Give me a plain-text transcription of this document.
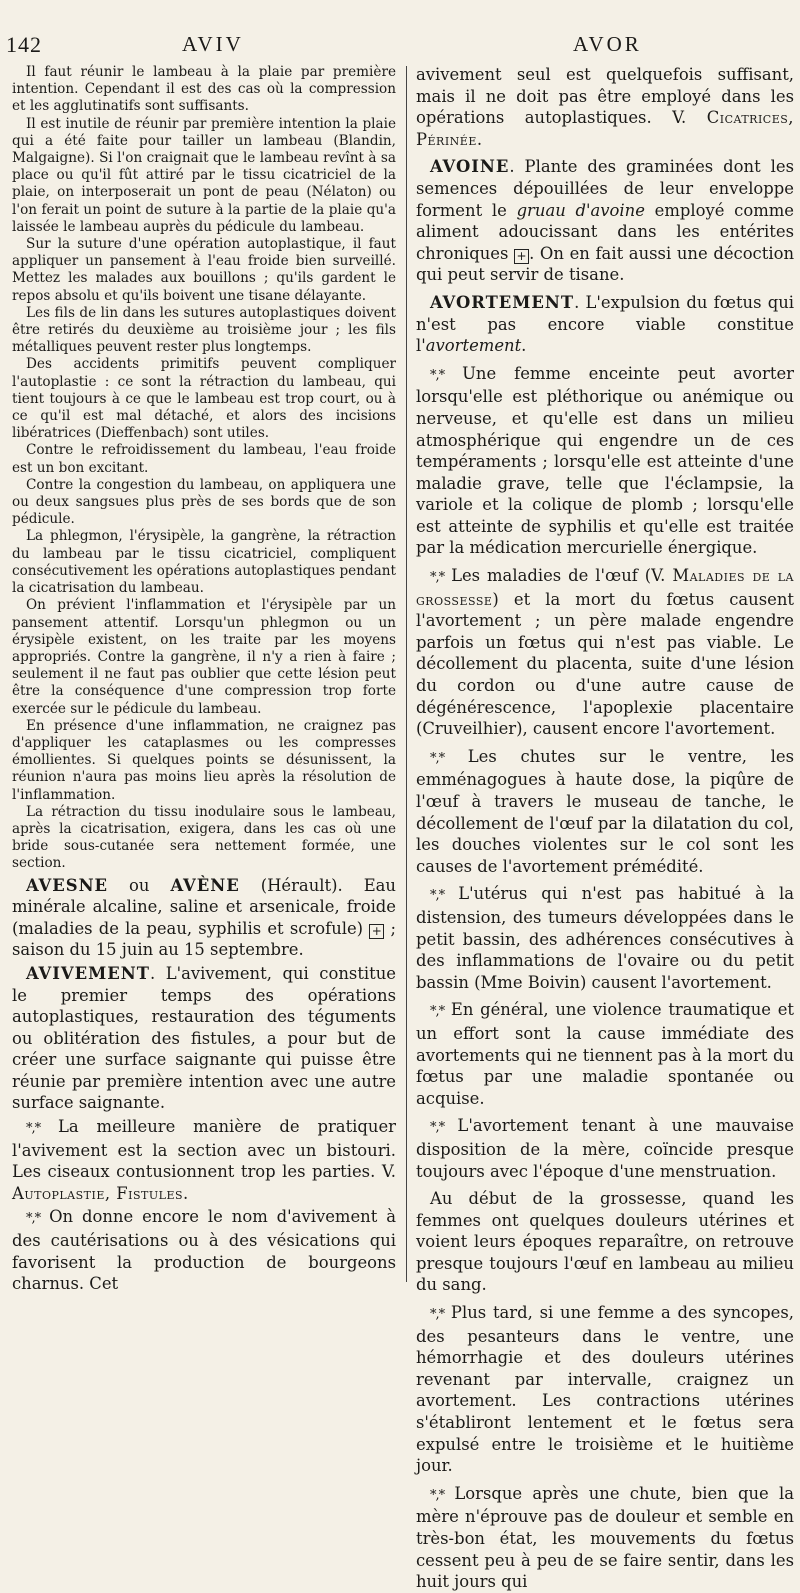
142	AVIV	AVOR

Il faut réunir le lambeau à la plaie par première intention. Cependant il est des cas où la compression et les agglutinatifs sont suffisants.

Il est inutile de réunir par première intention la plaie qui a été faite pour tailler un lambeau (Blandin, Malgaigne). Si l'on craignait que le lambeau revînt à sa place ou qu'il fût attiré par le tissu cicatriciel de la plaie, on interposerait un pont de peau (Nélaton) ou l'on ferait un point de suture à la partie de la plaie qu'a laissée le lambeau auprès du pédicule du lambeau.

Sur la suture d'une opération autoplastique, il faut appliquer un pansement à l'eau froide bien surveillé. Mettez les malades aux bouillons ; qu'ils gardent le repos absolu et qu'ils boivent une tisane délayante.

Les fils de lin dans les sutures autoplastiques doivent être retirés du deuxième au troisième jour ; les fils métalliques peuvent rester plus longtemps.

Des accidents primitifs peuvent compliquer l'autoplastie : ce sont la rétraction du lambeau, qui tient toujours à ce que le lambeau est trop court, ou à ce qu'il est mal détaché, et alors des incisions libératrices (Dieffenbach) sont utiles.

Contre le refroidissement du lambeau, l'eau froide est un bon excitant.

Contre la congestion du lambeau, on appliquera une ou deux sangsues plus près de ses bords que de son pédicule.

La phlegmon, l'érysipèle, la gangrène, la rétraction du lambeau par le tissu cicatriciel, compliquent consécutivement les opérations autoplastiques pendant la cicatrisation du lambeau.

On prévient l'inflammation et l'érysipèle par un pansement attentif. Lorsqu'un phlegmon ou un érysipèle existent, on les traite par les moyens appropriés. Contre la gangrène, il n'y a rien à faire ; seulement il ne faut pas oublier que cette lésion peut être la conséquence d'une compression trop forte exercée sur le pédicule du lambeau.

En présence d'une inflammation, ne craignez pas d'appliquer les cataplasmes ou les compresses émollientes. Si quelques points se désunissent, la réunion n'aura pas moins lieu après la résolution de l'inflammation.

La rétraction du tissu inodulaire sous le lambeau, après la cicatrisation, exigera, dans les cas où une bride sous-cutanée sera nettement formée, une section.

AVESNE ou AVÈNE (Hérault). Eau minérale alcaline, saline et arsenicale, froide (maladies de la peau, syphilis et scrofule) + ; saison du 15 juin au 15 septembre.

AVIVEMENT. L'avivement, qui constitue le premier temps des opérations autoplastiques, restauration des téguments ou oblitération des fistules, a pour but de créer une surface saignante qui puisse être réunie par première intention avec une autre surface saignante.

*,* La meilleure manière de pratiquer l'avivement est la section avec un bistouri. Les ciseaux contusionnent trop les parties. V. Autoplastie, Fistules.

*,* On donne encore le nom d'avivement à des cautérisations ou à des vésications qui favorisent la production de bourgeons charnus. Cet

avivement seul est quelquefois suffisant, mais il ne doit pas être employé dans les opérations autoplastiques. V. Cicatrices, Périnée.

AVOINE. Plante des graminées dont les semences dépouillées de leur enveloppe forment le gruau d'avoine employé comme aliment adoucissant dans les entérites chroniques + . On en fait aussi une décoction qui peut servir de tisane.

AVORTEMENT. L'expulsion du fœtus qui n'est pas encore viable constitue l'avortement.

*,* Une femme enceinte peut avorter lorsqu'elle est pléthorique ou anémique ou nerveuse, et qu'elle est dans un milieu atmosphérique qui engendre un de ces tempéraments ; lorsqu'elle est atteinte d'une maladie grave, telle que l'éclampsie, la variole et la colique de plomb ; lorsqu'elle est atteinte de syphilis et qu'elle est traitée par la médication mercurielle énergique.

*,* Les maladies de l'œuf (V. Maladies de la grossesse) et la mort du fœtus causent l'avortement ; un père malade engendre parfois un fœtus qui n'est pas viable. Le décollement du placenta, suite d'une lésion du cordon ou d'une autre cause de dégénérescence, l'apoplexie placentaire (Cruveilhier), causent encore l'avortement.

*,* Les chutes sur le ventre, les emménagogues à haute dose, la piqûre de l'œuf à travers le museau de tanche, le décollement de l'œuf par la dilatation du col, les douches violentes sur le col sont les causes de l'avortement prémédité.

*,* L'utérus qui n'est pas habitué à la distension, des tumeurs développées dans le petit bassin, des adhérences consécutives à des inflammations de l'ovaire ou du petit bassin (Mme Boivin) causent l'avortement.

*,* En général, une violence traumatique et un effort sont la cause immédiate des avortements qui ne tiennent pas à la mort du fœtus par une maladie spontanée ou acquise.

*,* L'avortement tenant à une mauvaise disposition de la mère, coïncide presque toujours avec l'époque d'une menstruation.

Au début de la grossesse, quand les femmes ont quelques douleurs utérines et voient leurs époques reparaître, on retrouve presque toujours l'œuf en lambeau au milieu du sang.

*,* Plus tard, si une femme a des syncopes, des pesanteurs dans le ventre, une hémorrhagie et des douleurs utérines revenant par intervalle, craignez un avortement. Les contractions utérines s'établiront lentement et le fœtus sera expulsé entre le troisième et le huitième jour.

*,* Lorsque après une chute, bien que la mère n'éprouve pas de douleur et semble en très-bon état, les mouvements du fœtus cessent peu à peu de se faire sentir, dans les huit jours qui
